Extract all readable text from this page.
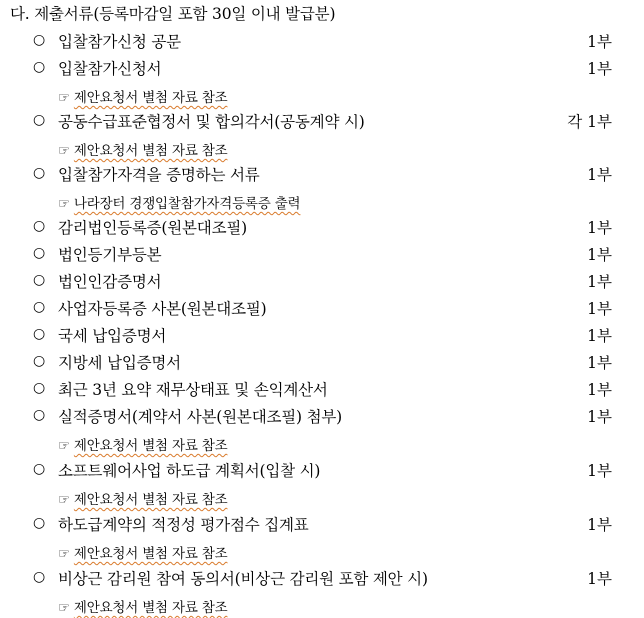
다. 제출서류(등록마감일 포함 30일 이내 발급분)
○ 입찰참가신청 공문	1부
○ 입찰참가신청서	1부
☞ 제안요청서 별첨 자료 참조
○ 공동수급표준협정서 및 합의각서(공동계약 시)	각 1부
☞ 제안요청서 별첨 자료 참조
○ 입찰참가자격을 증명하는 서류	1부
☞ 나라장터 경쟁입찰참가자격등록증 출력
○ 감리법인등록증(원본대조필)	1부
○ 법인등기부등본	1부
○ 법인인감증명서	1부
○ 사업자등록증 사본(원본대조필)	1부
○ 국세 납입증명서	1부
○ 지방세 납입증명서	1부
○ 최근 3년 요약 재무상태표 및 손익계산서	1부
○ 실적증명서(계약서 사본(원본대조필) 첨부)	1부
☞ 제안요청서 별첨 자료 참조
○ 소프트웨어사업 하도급 계획서(입찰 시)	1부
☞ 제안요청서 별첨 자료 참조
○ 하도급계약의 적정성 평가점수 집계표	1부
☞ 제안요청서 별첨 자료 참조
○ 비상근 감리원 참여 동의서(비상근 감리원 포함 제안 시)	1부
☞ 제안요청서 별첨 자료 참조
